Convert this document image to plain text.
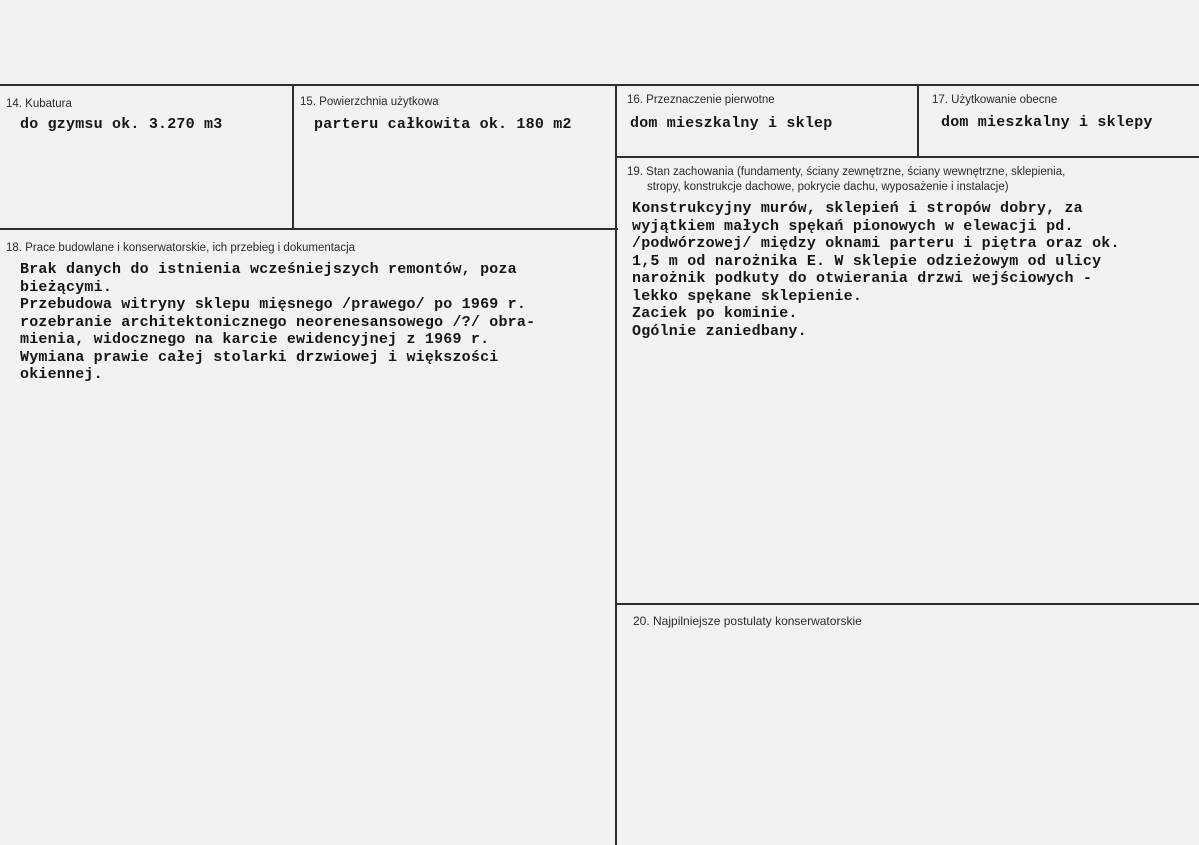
14. Kubatura
do gzymsu ok. 3.270 m3
15. Powierzchnia użytkowa
parteru całkowita ok. 180 m2
16. Przeznaczenie pierwotne
dom mieszkalny i sklep
17. Użytkowanie obecne
dom mieszkalny i sklepy
18. Prace budowlane i konserwatorskie, ich przebieg i dokumentacja
Brak danych do istnienia wcześniejszych remontów, poza
bieżącymi.
Przebudowa witryny sklepu mięsnego /prawego/ po 1969 r.
rozebranie architektonicznego neorenesansowego /?/ obra-
mienia, widocznego na karcie ewidencyjnej z 1969 r.
Wymiana prawie całej stolarki drzwiowej i większości
okiennej.
19. Stan zachowania (fundamenty, ściany zewnętrzne, ściany wewnętrzne, sklepienia,
stropy, konstrukcje dachowe, pokrycie dachu, wyposażenie i instalacje)
Konstrukcyjny murów, sklepień i stropów dobry, za
wyjątkiem małych spękań pionowych w elewacji pd.
/podwórzowej/ między oknami parteru i piętra oraz ok.
1,5 m od narożnika E. W sklepie odzieżowym od ulicy
narożnik podkuty do otwierania drzwi wejściowych -
lekko spękane sklepienie.
Zaciek po kominie.
Ogólnie zaniedbany.
20. Najpilniejsze postulaty konserwatorskie
